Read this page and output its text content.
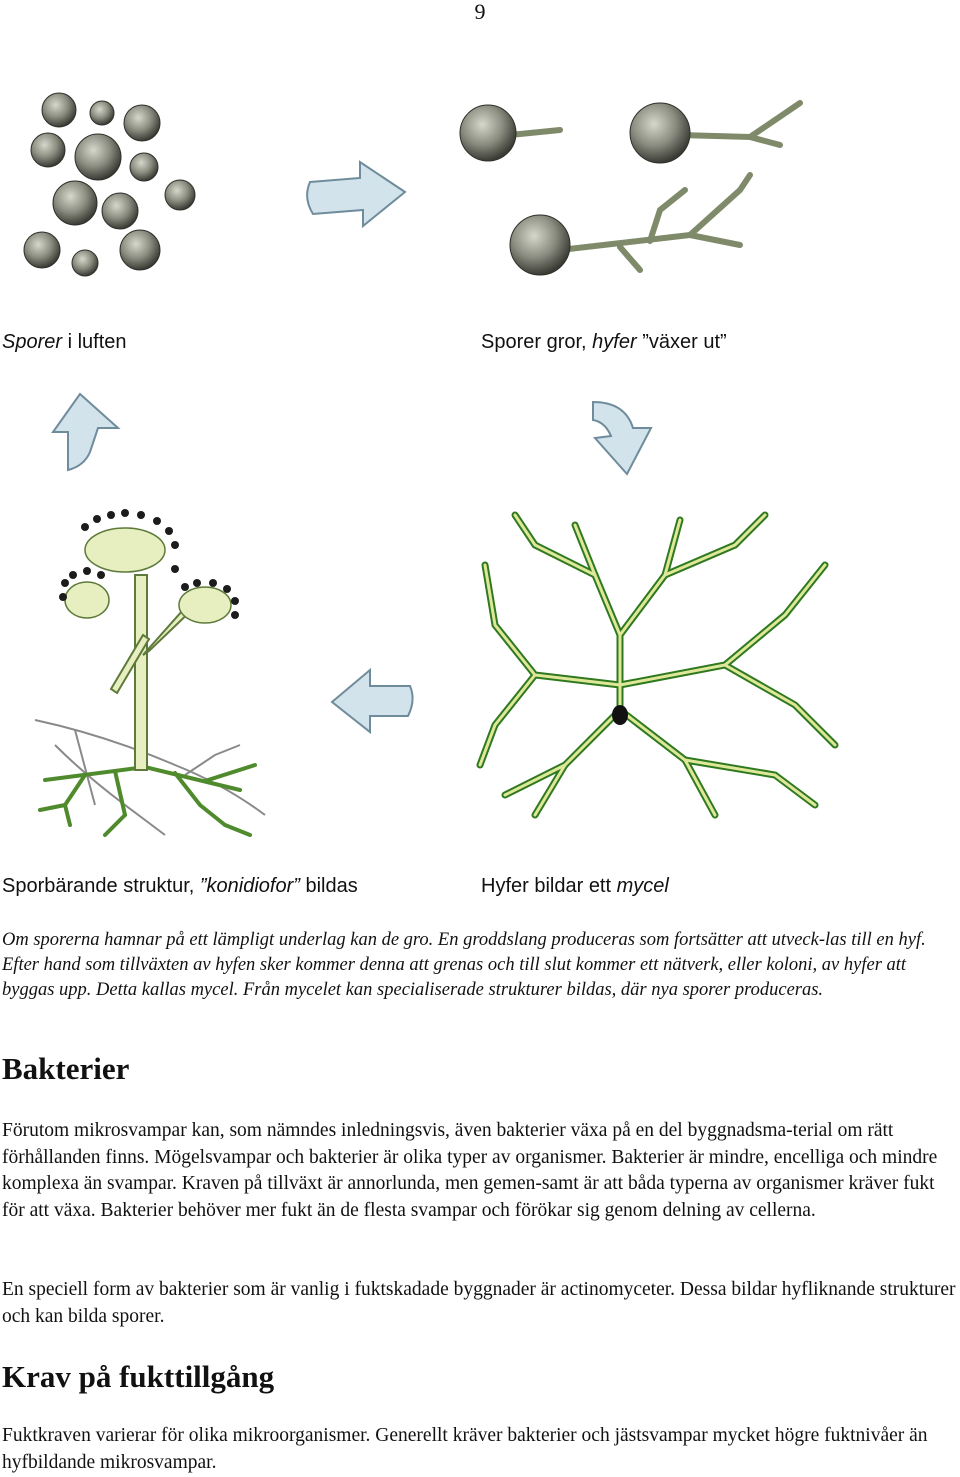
9
Sporer i luften	Sporer gror, hyfer ”växer ut”
Sporbärande struktur, ”konidiofor” bildas	Hyfer bildar ett mycel
Om sporerna hamnar på ett lämpligt underlag kan de gro. En groddslang produceras som fortsätter att utveck-las till en hyf. Efter hand som tillväxten av hyfen sker kommer denna att grenas och till slut kommer ett nätverk, eller koloni, av hyfer att byggas upp. Detta kallas mycel. Från mycelet kan specialiserade strukturer bildas, där nya sporer produceras.
Bakterier
Förutom mikrosvampar kan, som nämndes inledningsvis, även bakterier växa på en del byggnadsma-terial om rätt förhållanden finns. Mögelsvampar och bakterier är olika typer av organismer. Bakterier är mindre, encelliga och mindre komplexa än svampar. Kraven på tillväxt är annorlunda, men gemen-samt är att båda typerna av organismer kräver fukt för att växa. Bakterier behöver mer fukt än de flesta svampar och förökar sig genom delning av cellerna.
En speciell form av bakterier som är vanlig i fuktskadade byggnader är actinomyceter. Dessa bildar hyfliknande strukturer och kan bilda sporer.
Krav på fukttillgång
Fuktkraven varierar för olika mikroorganismer. Generellt kräver bakterier och jästsvampar mycket högre fuktnivåer än hyfbildande mikrosvampar.
